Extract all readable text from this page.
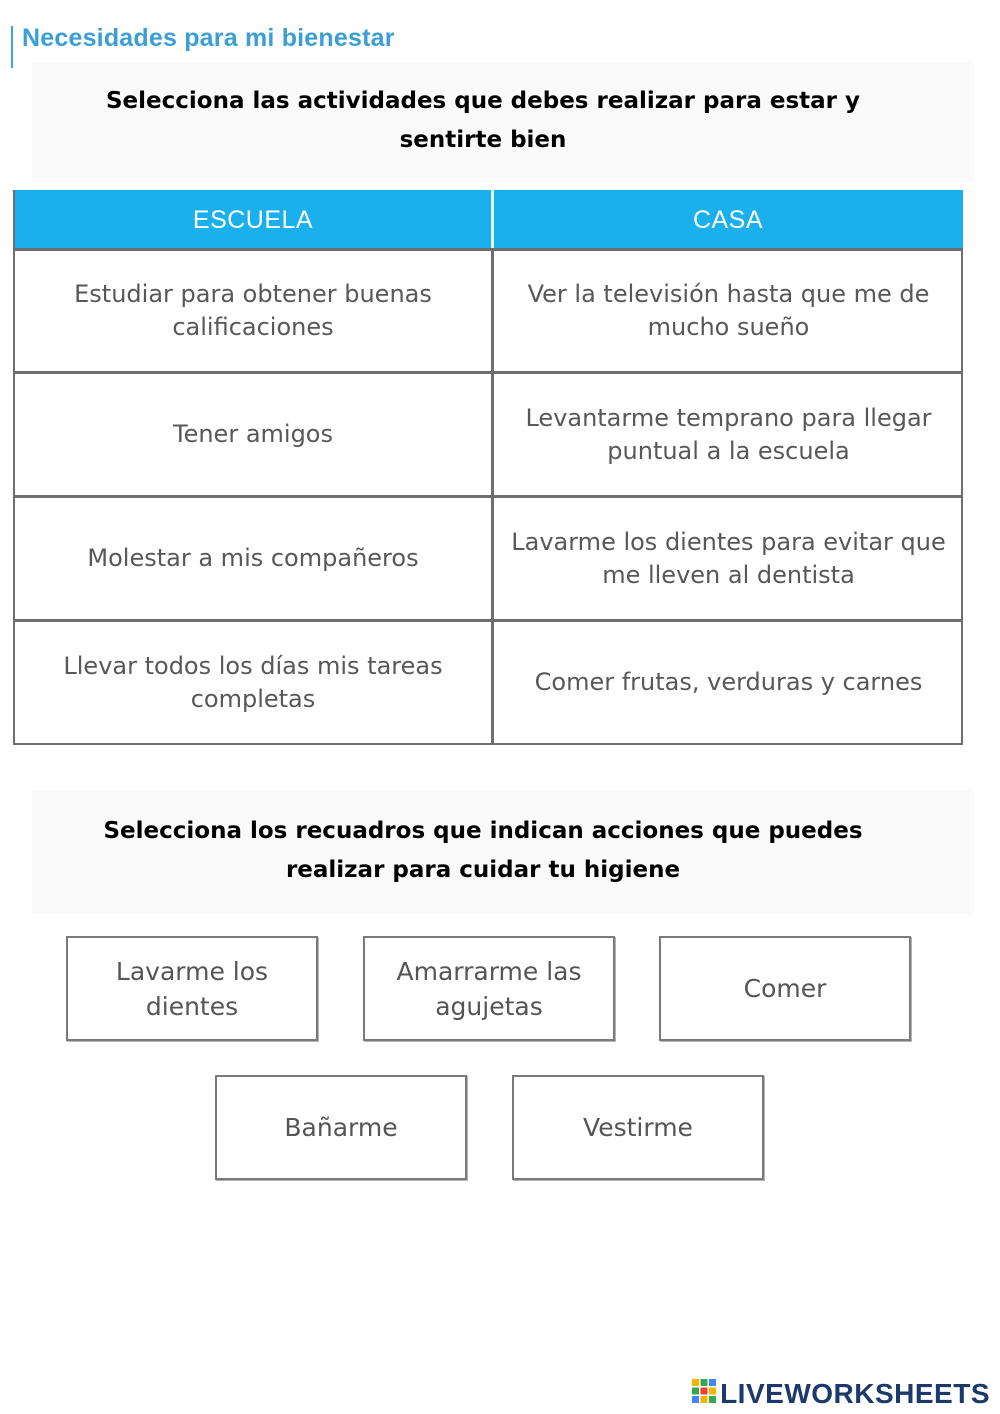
Necesidades para mi bienestar
Selecciona las actividades que debes realizar para estar y
sentirte bien
ESCUELA	CASA
Estudiar para obtener buenas calificaciones
Ver la televisión hasta que me de mucho sueño
Tener amigos
Levantarme temprano para llegar puntual a la escuela
Molestar a mis compañeros
Lavarme los dientes para evitar que me lleven al dentista
Llevar todos los días mis tareas completas
Comer frutas, verduras y carnes
Selecciona los recuadros que indican acciones que puedes
realizar para cuidar tu higiene
Lavarme los dientes
Amarrarme las agujetas
Comer
Bañarme	Vestirme
LIVEWORKSHEETS
